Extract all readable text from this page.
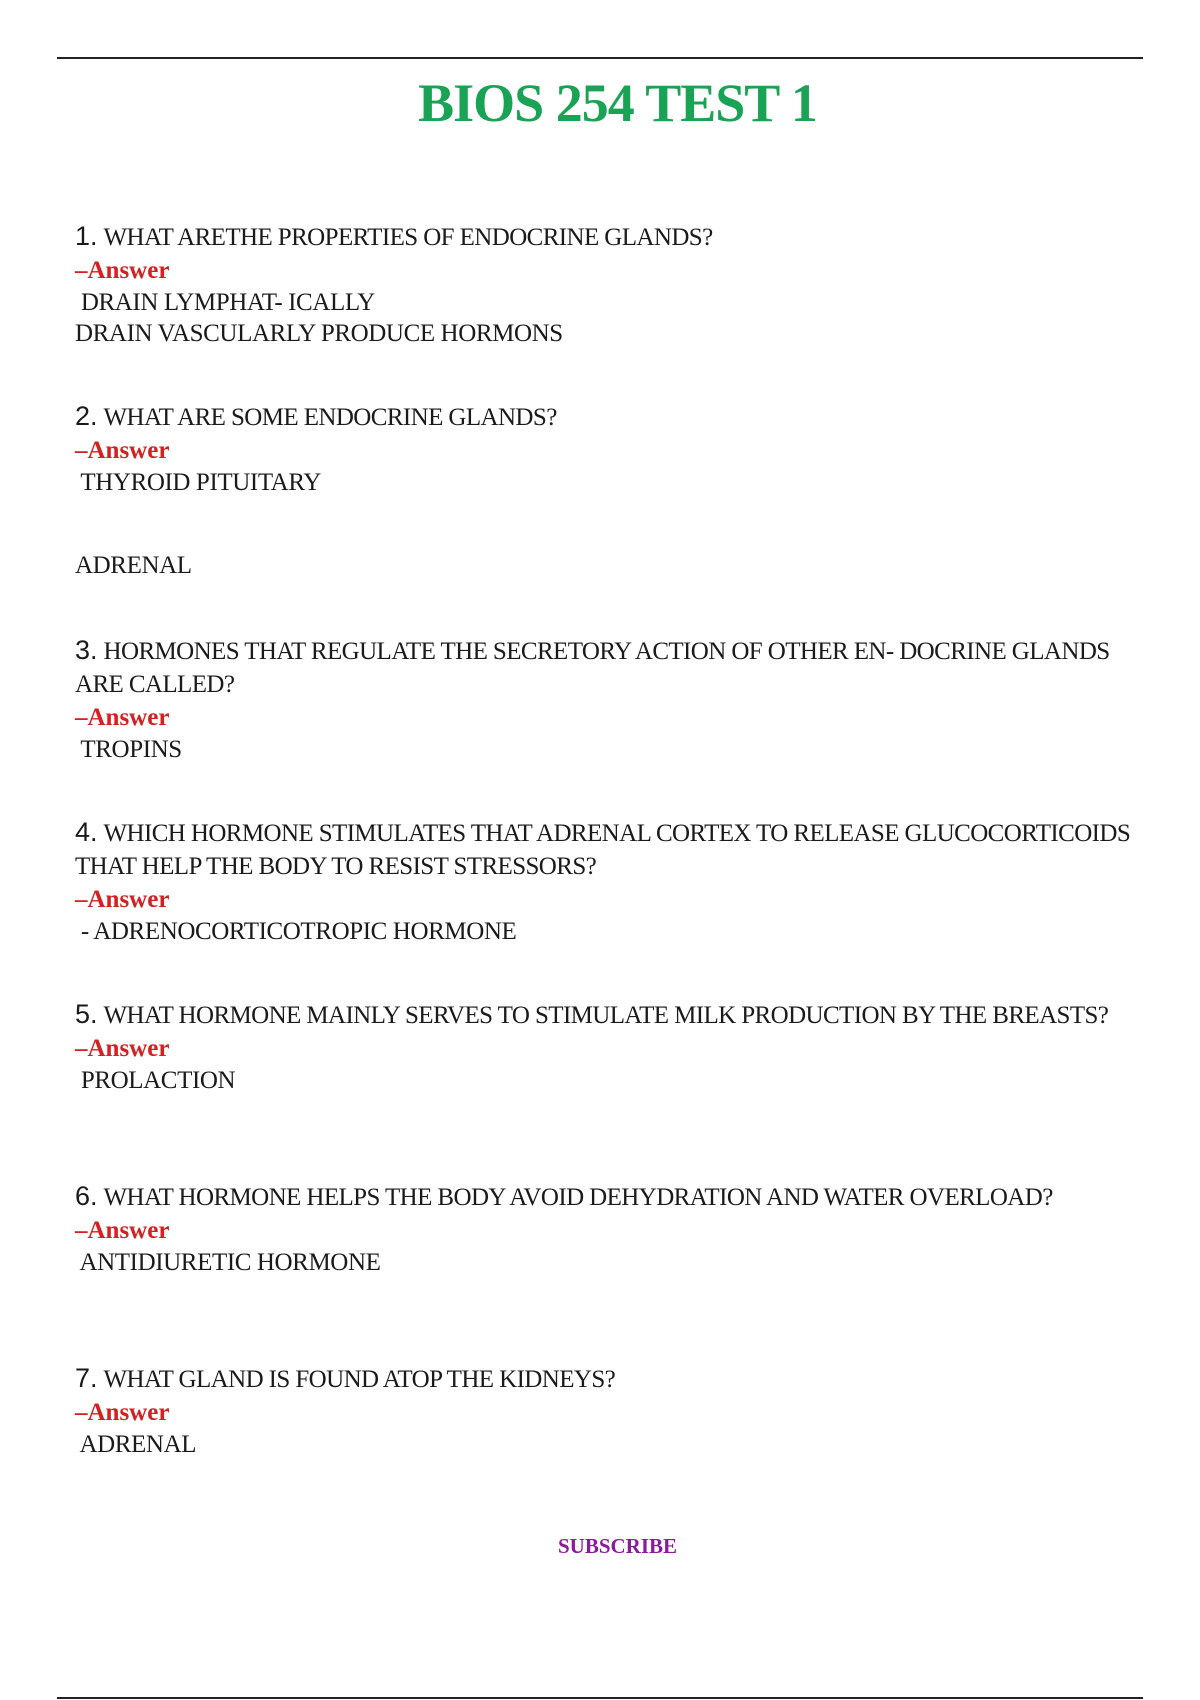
BIOS 254 TEST 1

1. WHAT ARETHE PROPERTIES OF ENDOCRINE GLANDS?

–Answer

DRAIN LYMPHAT- ICALLY

DRAIN VASCULARLY PRODUCE HORMONS

2. WHAT ARE SOME ENDOCRINE GLANDS?

–Answer

THYROID PITUITARY

ADRENAL

3. HORMONES THAT REGULATE THE SECRETORY ACTION OF OTHER EN- DOCRINE GLANDS ARE CALLED?

–Answer

TROPINS

4. WHICH HORMONE STIMULATES THAT ADRENAL CORTEX TO RELEASE GLUCOCORTICOIDS THAT HELP THE BODY TO RESIST STRESSORS?

–Answer

- ADRENOCORTICOTROPIC HORMONE

5. WHAT HORMONE MAINLY SERVES TO STIMULATE MILK PRODUCTION BY THE BREASTS?

–Answer

PROLACTION

6. WHAT HORMONE HELPS THE BODY AVOID DEHYDRATION AND WATER OVERLOAD?

–Answer

ANTIDIURETIC HORMONE

7. WHAT GLAND IS FOUND ATOP THE KIDNEYS?

–Answer

ADRENAL

SUBSCRIBE
